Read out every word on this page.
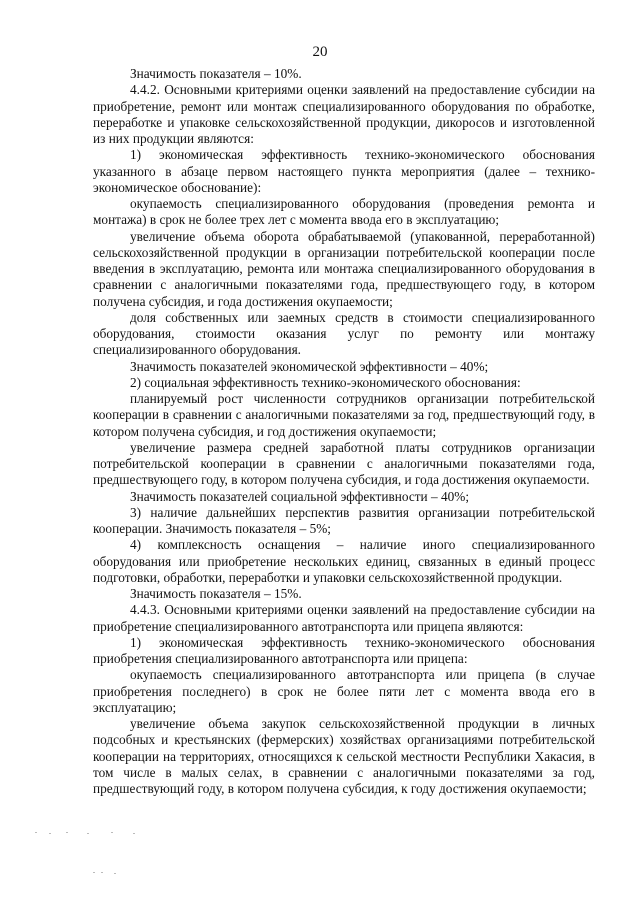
20

Значимость показателя – 10%.

4.4.2. Основными критериями оценки заявлений на предоставление субсидии на приобретение, ремонт или монтаж специализированного оборудования по обработке, переработке и упаковке сельскохозяйственной продукции, дикоросов и изготовленной из них продукции являются:

1) экономическая эффективность технико-экономического обоснования указанного в абзаце первом настоящего пункта мероприятия (далее – технико-экономическое обоснование):

окупаемость специализированного оборудования (проведения ремонта и монтажа) в срок не более трех лет с момента ввода его в эксплуатацию;

увеличение объема оборота обрабатываемой (упакованной, переработанной) сельскохозяйственной продукции в организации потребительской кооперации после введения в эксплуатацию, ремонта или монтажа специализированного оборудования в сравнении с аналогичными показателями года, предшествующего году, в котором получена субсидия, и года достижения окупаемости;

доля собственных или заемных средств в стоимости специализированного оборудования, стоимости оказания услуг по ремонту или монтажу специализированного оборудования.

Значимость показателей экономической эффективности – 40%;

2) социальная эффективность технико-экономического обоснования:

планируемый рост численности сотрудников организации потребительской кооперации в сравнении с аналогичными показателями за год, предшествующий году, в котором получена субсидия, и год достижения окупаемости;

увеличение размера средней заработной платы сотрудников организации потребительской кооперации в сравнении с аналогичными показателями года, предшествующего году, в котором получена субсидия, и года достижения окупаемости.

Значимость показателей социальной эффективности – 40%;

3) наличие дальнейших перспектив развития организации потребительской кооперации. Значимость показателя – 5%;

4) комплексность оснащения – наличие иного специализированного оборудования или приобретение нескольких единиц, связанных в единый процесс подготовки, обработки, переработки и упаковки сельскохозяйственной продукции.

Значимость показателя – 15%.

4.4.3. Основными критериями оценки заявлений на предоставление субсидии на приобретение специализированного автотранспорта или прицепа являются:

1) экономическая эффективность технико-экономического обоснования приобретения специализированного автотранспорта или прицепа:

окупаемость специализированного автотранспорта или прицепа (в случае приобретения последнего) в срок не более пяти лет с момента ввода его в эксплуатацию;

увеличение объема закупок сельскохозяйственной продукции в личных подсобных и крестьянских (фермерских) хозяйствах организациями потребительской кооперации на территориях, относящихся к сельской местности Республики Хакасия, в том числе в малых селах, в сравнении с аналогичными показателями за год, предшествующий году, в котором получена субсидия, к году достижения окупаемости;
